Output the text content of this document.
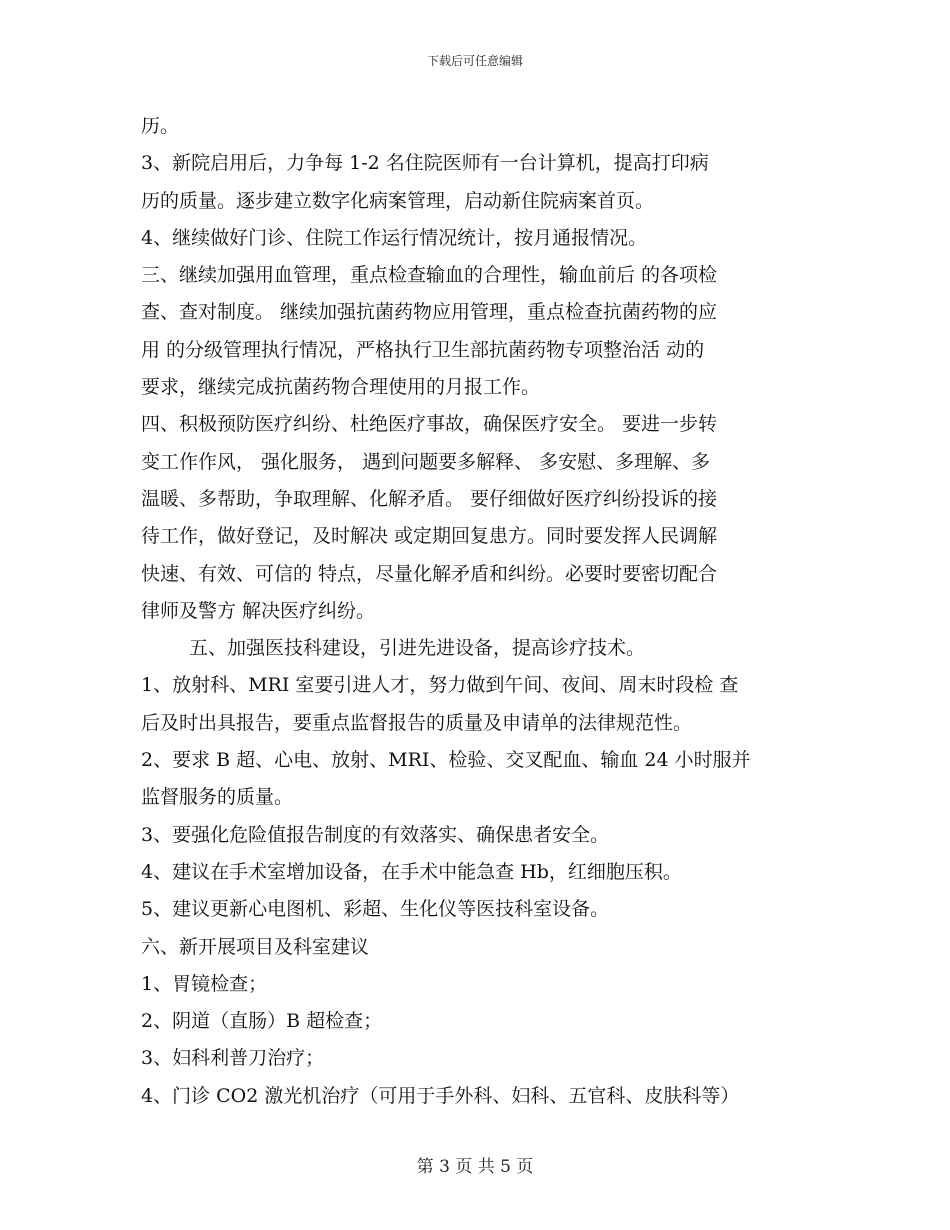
下载后可任意编辑
历。
3、新院启用后，力争每 1-2 名住院医师有一台计算机，提高打印病
历的质量。逐步建立数字化病案管理，启动新住院病案首页。
4、继续做好门诊、住院工作运行情况统计，按月通报情况。
三、继续加强用血管理，重点检查输血的合理性，输血前后 的各项检
查、查对制度。 继续加强抗菌药物应用管理，重点检查抗菌药物的应
用 的分级管理执行情况，严格执行卫生部抗菌药物专项整治活 动的
要求，继续完成抗菌药物合理使用的月报工作。
四、积极预防医疗纠纷、杜绝医疗事故，确保医疗安全。 要进一步转
变工作作风， 强化服务， 遇到问题要多解释、 多安慰、多理解、多
温暖、多帮助，争取理解、化解矛盾。 要仔细做好医疗纠纷投诉的接
待工作，做好登记，及时解决 或定期回复患方。同时要发挥人民调解
快速、有效、可信的 特点，尽量化解矛盾和纠纷。必要时要密切配合
律师及警方 解决医疗纠纷。
五、加强医技科建设，引进先进设备，提高诊疗技术。
1、放射科、MRI 室要引进人才，努力做到午间、夜间、周末时段检 查
后及时出具报告，要重点监督报告的质量及申请单的法律规范性。
2、要求 B 超、心电、放射、MRI、检验、交叉配血、输血 24 小时服并
监督服务的质量。
3、要强化危险值报告制度的有效落实、确保患者安全。
4、建议在手术室增加设备，在手术中能急查 Hb，红细胞压积。
5、建议更新心电图机、彩超、生化仪等医技科室设备。
六、新开展项目及科室建议
1、胃镜检查；
2、阴道（直肠）B 超检查；
3、妇科利普刀治疗；
4、门诊 CO2 激光机治疗（可用于手外科、妇科、五官科、皮肤科等）
第 3 页 共 5 页
